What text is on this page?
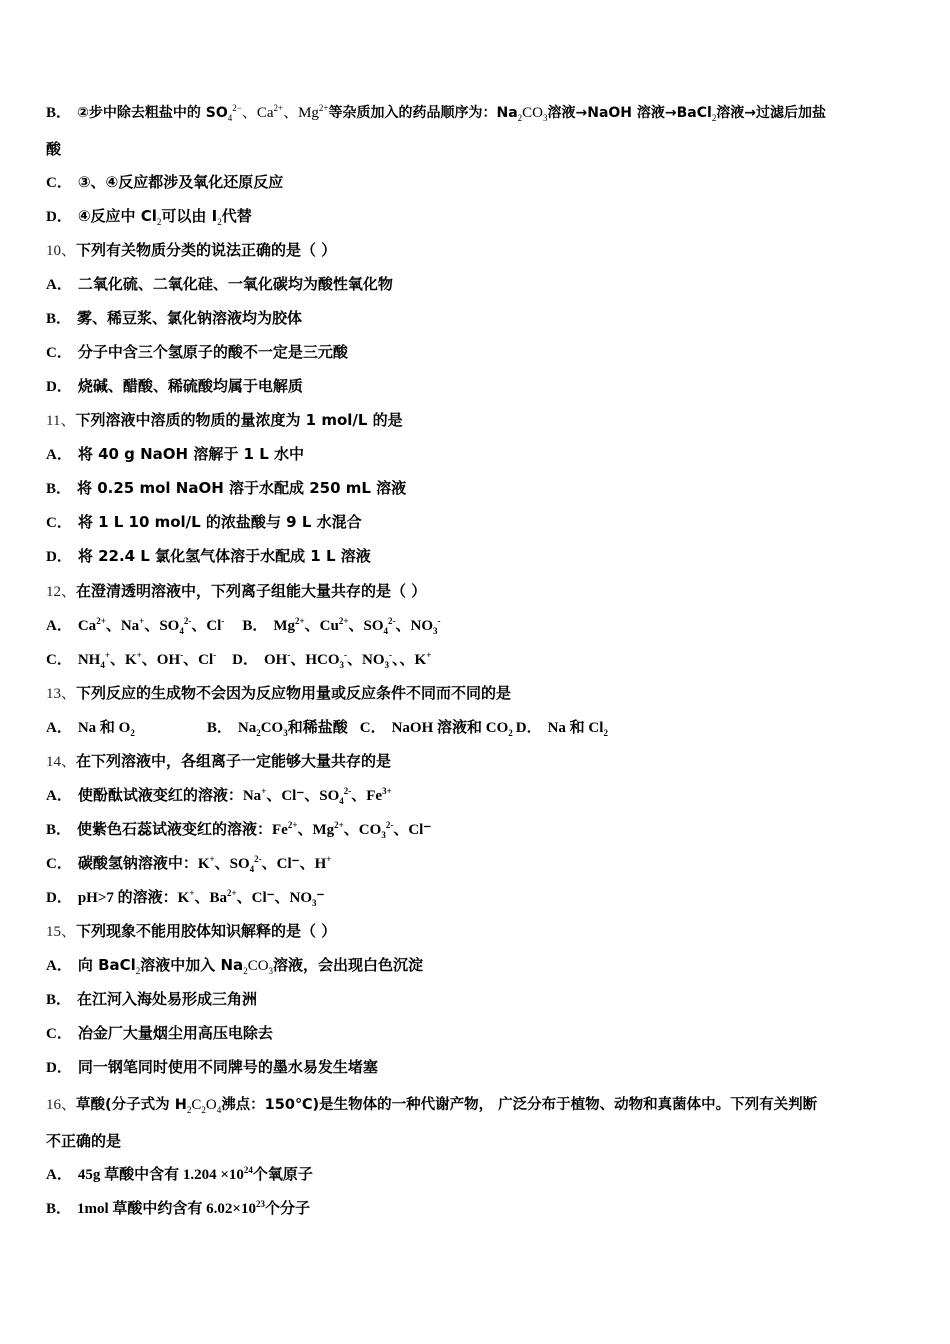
B． ②步中除去粗盐中的 $SO_4^{2-}$、$Ca^{2+}$、$Mg^{2+}$等杂质加入的药品顺序为：$Na_2CO_3$溶液→NaOH 溶液→BaCl$_2$溶液→过滤后加盐
酸
C． ③、④反应都涉及氧化还原反应
D． ④反应中 $Cl_2$可以由 $I_2$代替
10、下列有关物质分类的说法正确的是（ ）
A． 二氧化硫、二氧化硅、一氧化碳均为酸性氧化物
B． 雾、稀豆浆、氯化钠溶液均为胶体
C． 分子中含三个氢原子的酸不一定是三元酸
D． 烧碱、醋酸、稀硫酸均属于电解质
11、下列溶液中溶质的物质的量浓度为 1 mol/L 的是
A． 将 40 g NaOH 溶解于 1 L 水中
B． 将 0.25 mol NaOH 溶于水配成 250 mL 溶液
C． 将 1 L 10 mol/L 的浓盐酸与 9 L 水混合
D． 将 22.4 L 氯化氢气体溶于水配成 1 L 溶液
12、在澄清透明溶液中，下列离子组能大量共存的是（ ）
A． $Ca^{2+}$、Na+、$SO_4^{2-}$、Cl- B． $Mg^{2+}$、$Cu^{2+}$、$SO_4^{2-}$、$NO_3^-$
C． $NH_4^+$、K+、OH-、Cl- D． OH-、$HCO_3^-$、$NO_3^-$、、K+
13、下列反应的生成物不会因为反应物用量或反应条件不同而不同的是
A． Na 和 $O_2$	B． $Na_2CO_3$和稀盐酸 C． NaOH 溶液和 $CO_2$ D． Na 和 $Cl_2$
14、在下列溶液中，各组离子一定能够大量共存的是
A． 使酚酞试液变红的溶液：Na+、Cl⁻、$SO_4^{2-}$、$Fe^{3+}$
B． 使紫色石蕊试液变红的溶液：$Fe^{2+}$、$Mg^{2+}$、$CO_3^{2-}$、Cl⁻
C． 碳酸氢钠溶液中：K+、$SO_4^{2-}$、Cl⁻、H+
D． pH>7 的溶液：K+、$Ba^{2+}$、Cl⁻、$NO_3^-$
15、下列现象不能用胶体知识解释的是（ ）
A． 向 BaCl$_2$溶液中加入 $Na_2CO_3$溶液，会出现白色沉淀
B． 在江河入海处易形成三角洲
C． 冶金厂大量烟尘用高压电除去
D． 同一钢笔同时使用不同牌号的墨水易发生堵塞
16、草酸(分子式为 $H_2C_2O_4$沸点：150℃)是生物体的一种代谢产物， 广泛分布于植物、动物和真菌体中。下列有关判断
不正确的是
A． 45g 草酸中含有 $1.204 \times 10^{24}$个氧原子
B． 1mol 草酸中约含有 $6.02\times 10^{23}$个分子
